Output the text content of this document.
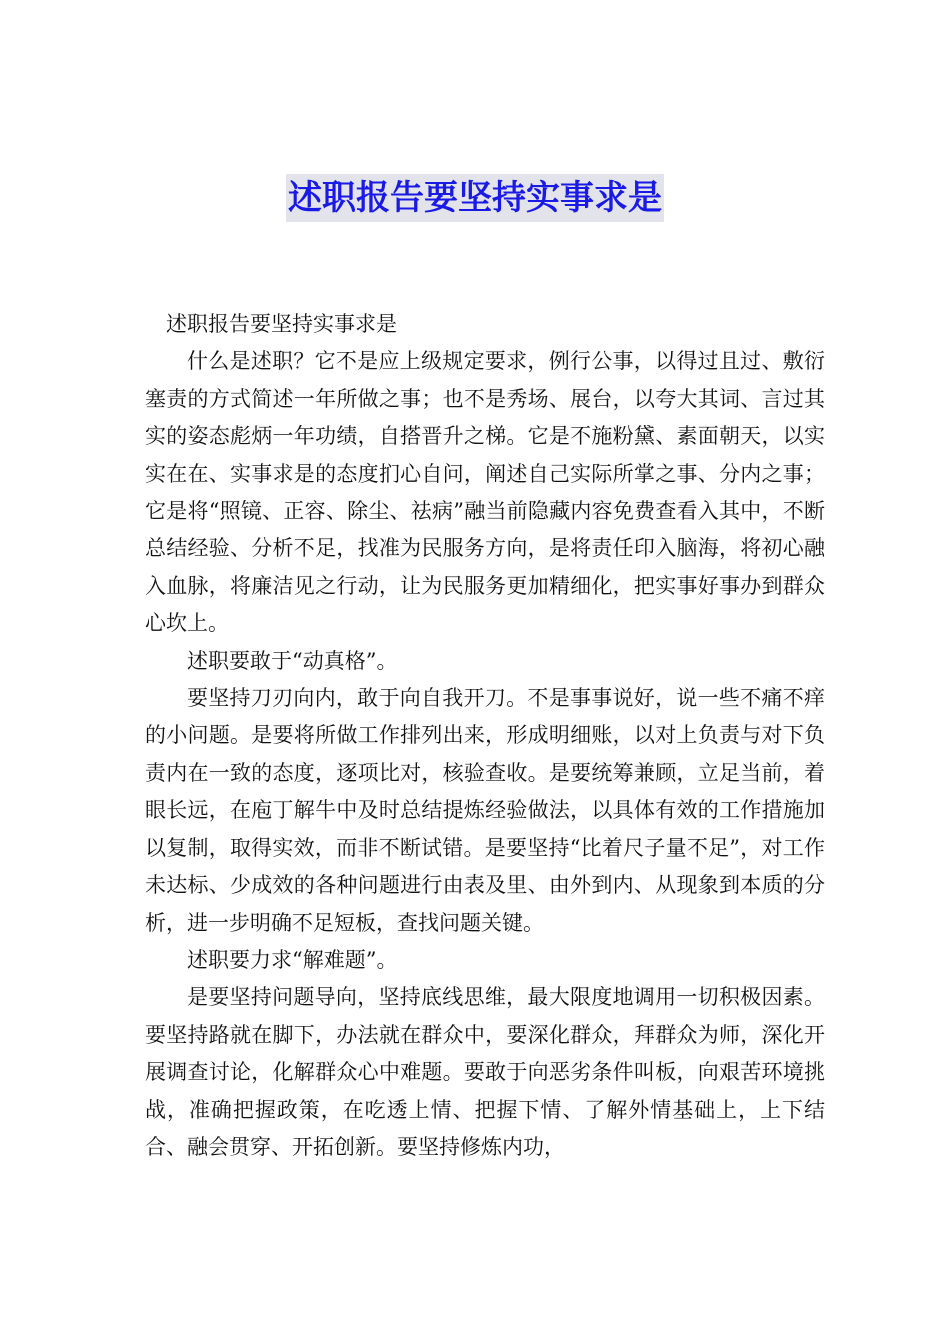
述职报告要坚持实事求是

述职报告要坚持实事求是

什么是述职？它不是应上级规定要求，例行公事，以得过且过、敷衍塞责的方式简述一年所做之事；也不是秀场、展台，以夸大其词、言过其实的姿态彪炳一年功绩，自搭晋升之梯。它是不施粉黛、素面朝天，以实实在在、实事求是的态度扪心自问，阐述自己实际所掌之事、分内之事；它是将“照镜、正容、除尘、祛病”融当前隐藏内容免费查看入其中，不断总结经验、分析不足，找准为民服务方向，是将责任印入脑海，将初心融入血脉，将廉洁见之行动，让为民服务更加精细化，把实事好事办到群众心坎上。

述职要敢于“动真格”。

要坚持刀刃向内，敢于向自我开刀。不是事事说好，说一些不痛不痒的小问题。是要将所做工作排列出来，形成明细账，以对上负责与对下负责内在一致的态度，逐项比对，核验查收。是要统筹兼顾，立足当前，着眼长远，在庖丁解牛中及时总结提炼经验做法，以具体有效的工作措施加以复制，取得实效，而非不断试错。是要坚持“比着尺子量不足”，对工作未达标、少成效的各种问题进行由表及里、由外到内、从现象到本质的分析，进一步明确不足短板，查找问题关键。

述职要力求“解难题”。

是要坚持问题导向，坚持底线思维，最大限度地调用一切积极因素。要坚持路就在脚下，办法就在群众中，要深化群众，拜群众为师，深化开展调查讨论，化解群众心中难题。要敢于向恶劣条件叫板，向艰苦环境挑战，准确把握政策，在吃透上情、把握下情、了解外情基础上，上下结合、融会贯穿、开拓创新。要坚持修炼内功，
